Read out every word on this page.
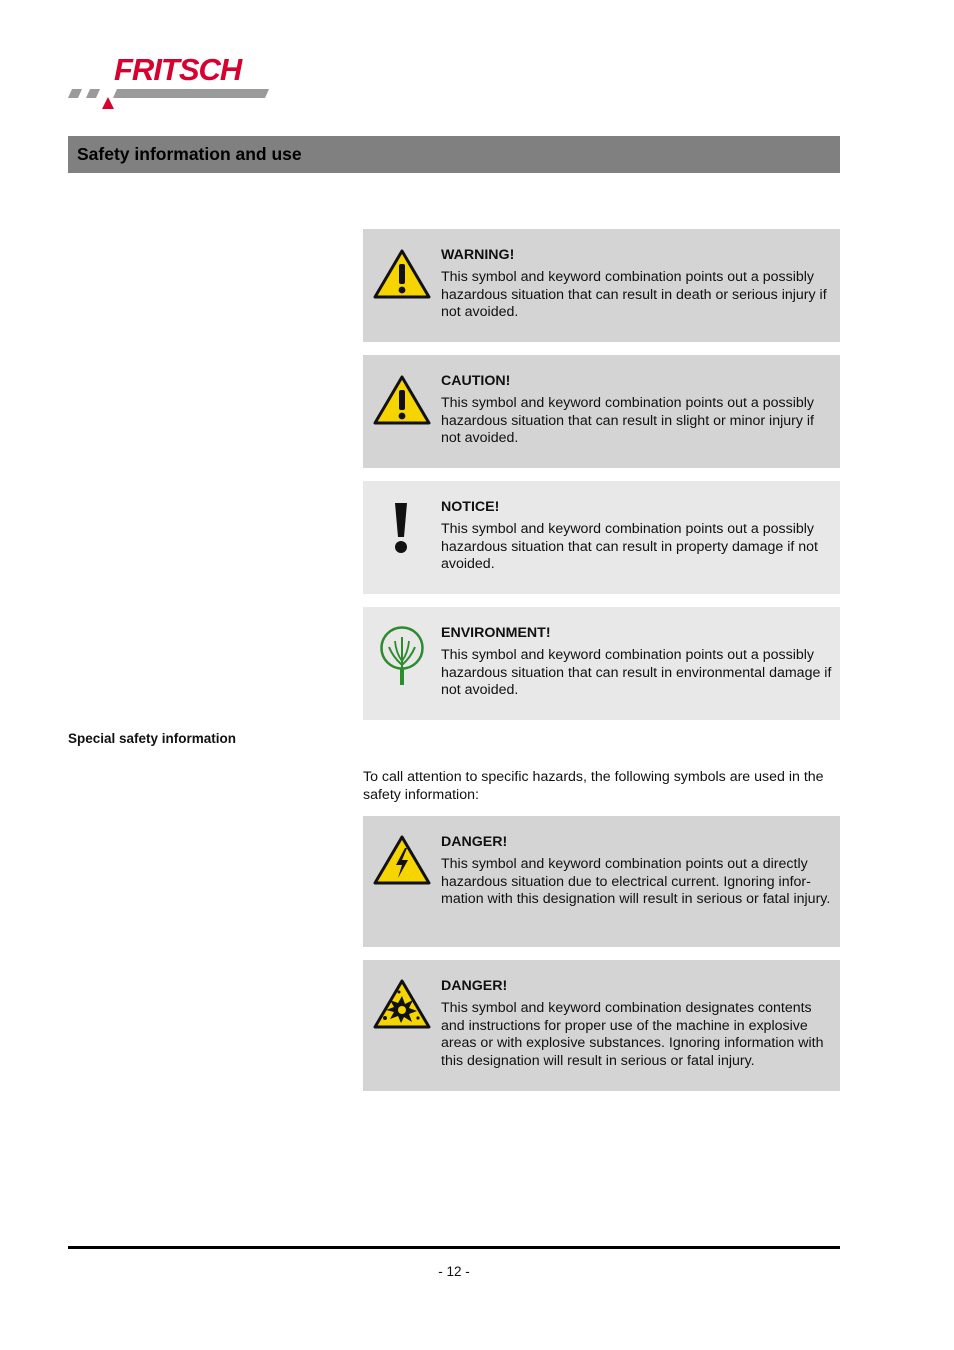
FRITSCH
Safety information and use
WARNING!
This symbol and keyword combination points out a possibly hazardous situation that can result in death or serious injury if not avoided.
CAUTION!
This symbol and keyword combination points out a possibly hazardous situation that can result in slight or minor injury if not avoided.
NOTICE!
This symbol and keyword combination points out a possibly hazardous situation that can result in property damage if not avoided.
ENVIRONMENT!
This symbol and keyword combination points out a possibly hazardous situation that can result in environmental damage if not avoided.
Special safety information
To call attention to specific hazards, the following symbols are used in the safety information:
DANGER!
This symbol and keyword combination points out a directly hazardous situation due to electrical current. Ignoring infor-mation with this designation will result in serious or fatal injury.
DANGER!
This symbol and keyword combination designates contents and instructions for proper use of the machine in explosive areas or with explosive substances. Ignoring information with this designation will result in serious or fatal injury.
- 12 -
